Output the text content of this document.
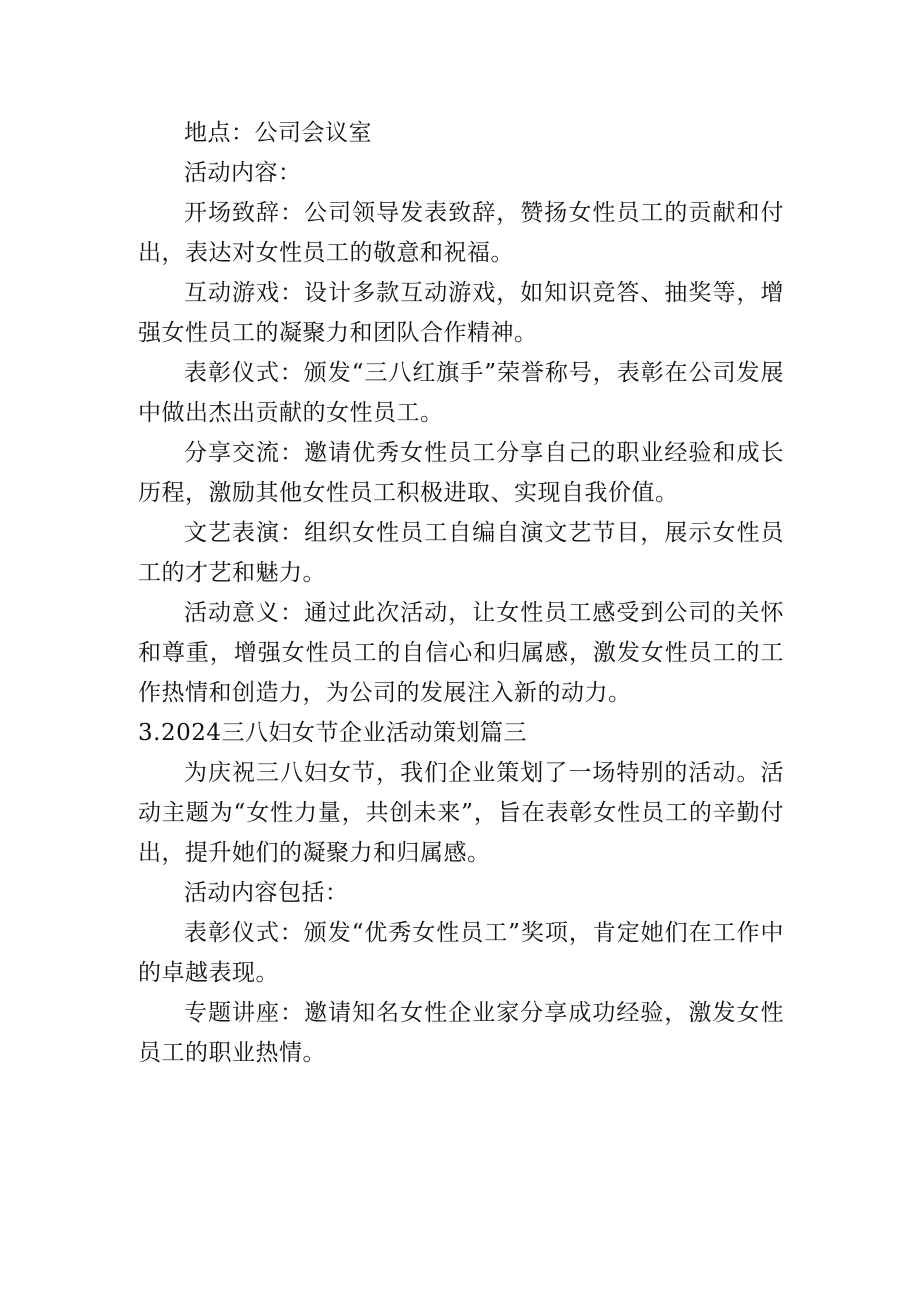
地点：公司会议室

活动内容：

开场致辞：公司领导发表致辞，赞扬女性员工的贡献和付出，表达对女性员工的敬意和祝福。

互动游戏：设计多款互动游戏，如知识竞答、抽奖等，增强女性员工的凝聚力和团队合作精神。

表彰仪式：颁发“三八红旗手”荣誉称号，表彰在公司发展中做出杰出贡献的女性员工。

分享交流：邀请优秀女性员工分享自己的职业经验和成长历程，激励其他女性员工积极进取、实现自我价值。

文艺表演：组织女性员工自编自演文艺节目，展示女性员工的才艺和魅力。

活动意义：通过此次活动，让女性员工感受到公司的关怀和尊重，增强女性员工的自信心和归属感，激发女性员工的工作热情和创造力，为公司的发展注入新的动力。

3.2024三八妇女节企业活动策划篇三

为庆祝三八妇女节，我们企业策划了一场特别的活动。活动主题为“女性力量，共创未来”，旨在表彰女性员工的辛勤付出，提升她们的凝聚力和归属感。

活动内容包括：

表彰仪式：颁发“优秀女性员工”奖项，肯定她们在工作中的卓越表现。

专题讲座：邀请知名女性企业家分享成功经验，激发女性员工的职业热情。
